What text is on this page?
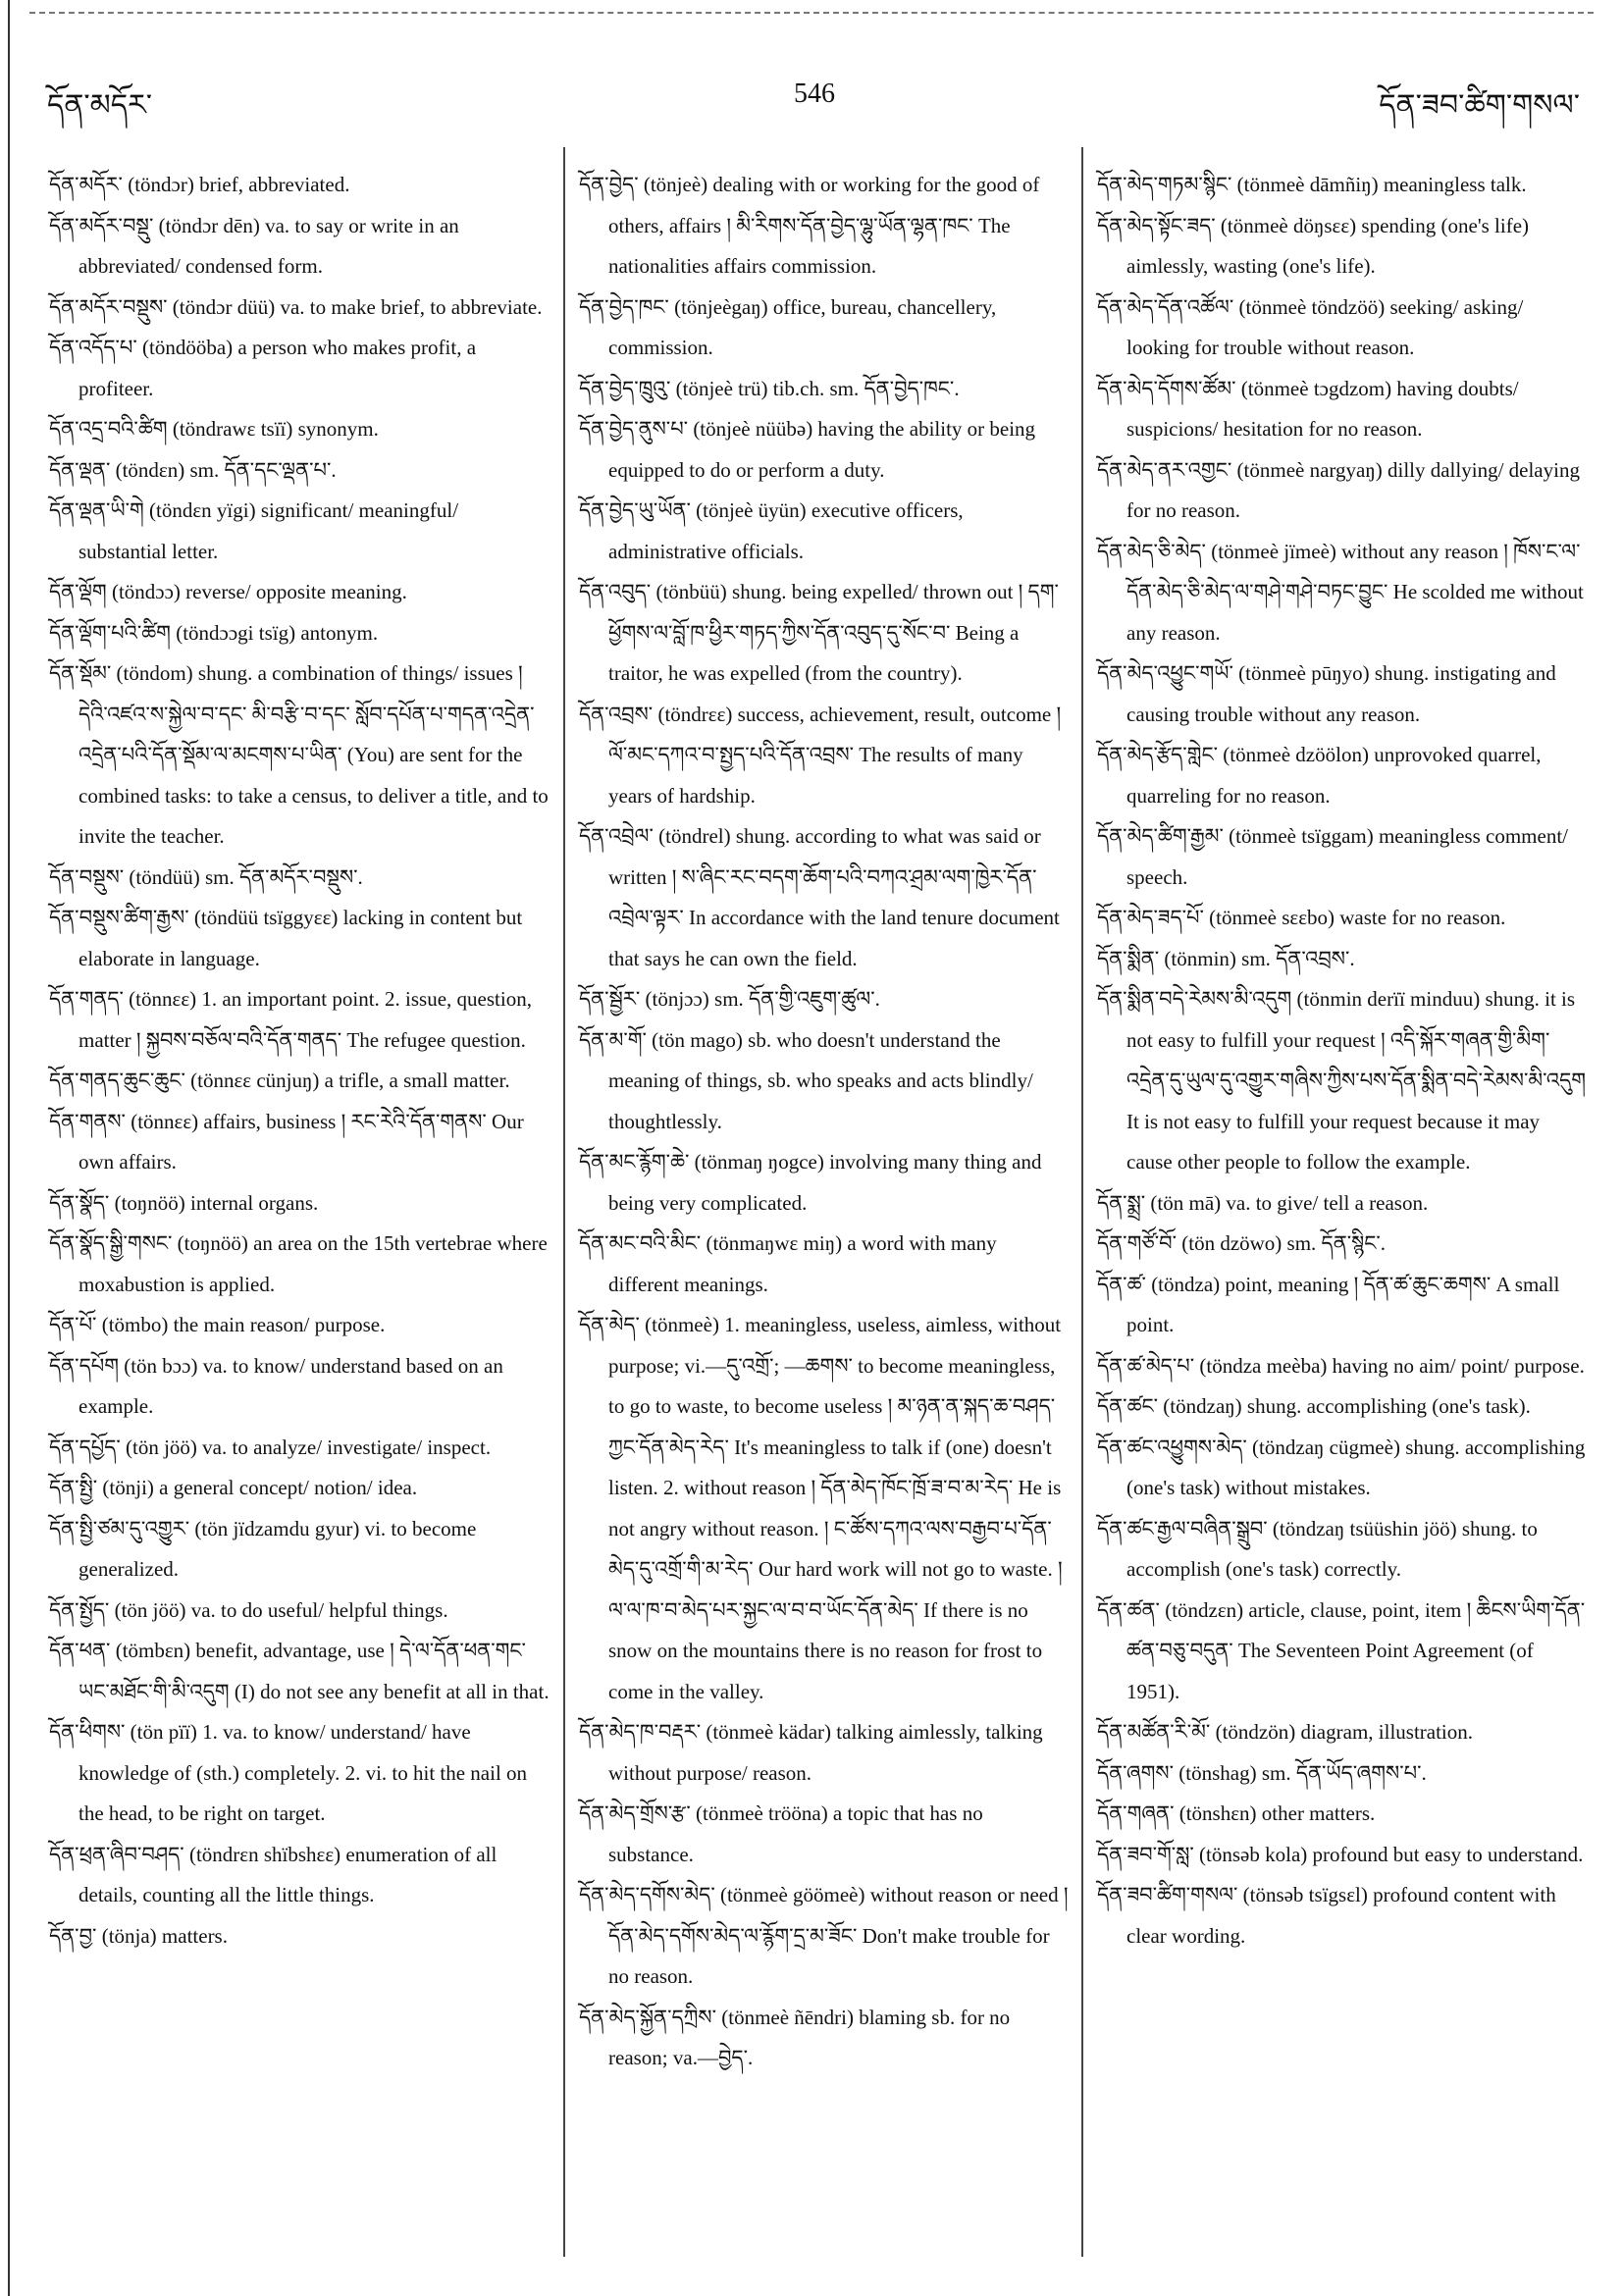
དོན་མདོར་	546	དོན་ཟབ་ཚིག་གསལ་

དོན་མདོར་ (töndɔr) brief, abbreviated.

དོན་མདོར་བསྡུ་ (töndɔr dēn) va. to say or write in an abbreviated/ condensed form.

དོན་མདོར་བསྡུས་ (töndɔr düü) va. to make brief, to abbreviate.

དོན་འདོད་པ་ (töndööba) a person who makes profit, a profiteer.

དོན་འདྲ་བའི་ཚིག (töndrawɛ tsïï) synonym.

དོན་ལྡན་ (töndɛn) sm. དོན་དང་ལྡན་པ་.

དོན་ལྡན་ཡི་གེ (töndɛn yïgi) significant/ meaningful/ substantial letter.

དོན་ལྡོག (töndɔɔ) reverse/ opposite meaning.

དོན་ལྡོག་པའི་ཚིག (töndɔɔgi tsïg) antonym.

དོན་སྡོམ་ (töndom) shung. a combination of things/ issues ། དེའི་འཛའ་ས་སྐྱེལ་བ་དང་ མི་བརྩི་བ་དང་ སློབ་དཔོན་པ་གདན་འདྲེན་འདྲེན་པའི་དོན་སྡོམ་ལ་མངགས་པ་ཡིན་ (You) are sent for the combined tasks: to take a census, to deliver a title, and to invite the teacher.

དོན་བསྡུས་ (töndüü) sm. དོན་མདོར་བསྡུས་.

དོན་བསྡུས་ཚིག་རྒྱས་ (töndüü tsïggyɛɛ) lacking in content but elaborate in language.

དོན་གནད་ (tönnɛɛ) 1. an important point. 2. issue, question, matter ། སྐྱབས་བཅོལ་བའི་དོན་གནད་ The refugee question.

དོན་གནད་ཆུང་ཆུང་ (tönnɛɛ cünjuŋ) a trifle, a small matter.

དོན་གནས་ (tönnɛɛ) affairs, business ། རང་རེའི་དོན་གནས་ Our own affairs.

དོན་སྣོད་ (toŋnöö) internal organs.

དོན་སྣོད་སྒྱི་གསང་ (toŋnöö) an area on the 15th vertebrae where moxabustion is applied.

དོན་པོ་ (tömbo) the main reason/ purpose.

དོན་དཔོག (tön bɔɔ) va. to know/ understand based on an example.

དོན་དཔྱོད་ (tön jöö) va. to analyze/ investigate/ inspect.

དོན་སྤྱི་ (tönji) a general concept/ notion/ idea.

དོན་སྤྱི་ཙམ་དུ་འགྱུར་ (tön jïdzamdu gyur) vi. to become generalized.

དོན་སྤྱོད་ (tön jöö) va. to do useful/ helpful things.

དོན་ཕན་ (tömbɛn) benefit, advantage, use ། དེ་ལ་དོན་ཕན་གང་ཡང་མཐོང་གི་མི་འདུག (I) do not see any benefit at all in that.

དོན་ཕིགས་ (tön pïï) 1. va. to know/ understand/ have knowledge of (sth.) completely. 2. vi. to hit the nail on the head, to be right on target.

དོན་ཕྲན་ཞིབ་བཤད་ (töndrɛn shïbshɛɛ) enumeration of all details, counting all the little things.

དོན་བྱ་ (tönja) matters.

དོན་བྱེད་ (tönjeè) dealing with or working for the good of others, affairs ། མི་རིགས་དོན་བྱེད་ལྷུ་ཡོན་ལྷན་ཁང་ The nationalities affairs commission.

དོན་བྱེད་ཁང་ (tönjeègaŋ) office, bureau, chancellery, commission.

དོན་བྱེད་ཁྲུའུ་ (tönjeè trü) tib.ch. sm. དོན་བྱེད་ཁང་.

དོན་བྱེད་ནུས་པ་ (tönjeè nüübə) having the ability or being equipped to do or perform a duty.

དོན་བྱེད་ཡུ་ཡོན་ (tönjeè üyün) executive officers, administrative officials.

དོན་འབུད་ (tönbüü) shung. being expelled/ thrown out ། དག་ཕྱོགས་ལ་བློ་ཁ་ཕྱིར་གཏད་ཀྱིས་དོན་འབུད་དུ་སོང་བ་ Being a traitor, he was expelled (from the country).

དོན་འབྲས་ (töndrɛɛ) success, achievement, result, outcome ། ལོ་མང་དཀའ་བ་སྤྱད་པའི་དོན་འབྲས་ The results of many years of hardship.

དོན་འབྲེལ་ (töndrel) shung. according to what was said or written ། ས་ཞིང་རང་བདག་ཆོག་པའི་བཀའ་ཤྲམ་ལག་ཁྱེར་དོན་འབྲེལ་ལྟར་ In accordance with the land tenure document that says he can own the field.

དོན་སྦྱོར་ (tönjɔɔ) sm. དོན་གྱི་འཇུག་ཚུལ་.

དོན་མ་གོ་ (tön mago) sb. who doesn't understand the meaning of things, sb. who speaks and acts blindly/ thoughtlessly.

དོན་མང་རྙོག་ཆེ་ (tönmaŋ ŋogce) involving many thing and being very complicated.

དོན་མང་བའི་མིང་ (tönmaŋwɛ miŋ) a word with many different meanings.

དོན་མེད་ (tönmeè) 1. meaningless, useless, aimless, without purpose; vi.—དུ་འགྲོ་; —ཆགས་ to become meaningless, to go to waste, to become useless ། མ་ཉན་ན་སྐད་ཆ་བཤད་ཀྱང་དོན་མེད་རེད་ It's meaningless to talk if (one) doesn't listen. 2. without reason ། དོན་མེད་ཁོང་ཁྲོ་ཟ་བ་མ་རེད་ He is not angry without reason. ། ང་ཚོས་དཀའ་ལས་བརྒྱབ་པ་དོན་མེད་དུ་འགྲོ་གི་མ་རེད་ Our hard work will not go to waste. ། ལ་ལ་ཁ་བ་མེད་པར་སྐྱང་ལ་བ་བ་ཡོང་དོན་མེད་ If there is no snow on the mountains there is no reason for frost to come in the valley.

དོན་མེད་ཁ་བརྡར་ (tönmeè kädar) talking aimlessly, talking without purpose/ reason.

དོན་མེད་གྲོས་རྩ་ (tönmeè trööna) a topic that has no substance.

དོན་མེད་དགོས་མེད་ (tönmeè göömeè) without reason or need ། དོན་མེད་དགོས་མེད་ལ་རྙོག་དྲ་མ་ཟོང་ Don't make trouble for no reason.

དོན་མེད་སྐྱོན་དཀྲིས་ (tönmeè ñēndri) blaming sb. for no reason; va.—བྱེད་.

དོན་མེད་གཏམ་སྙིང་ (tönmeè dāmñiŋ) meaningless talk.

དོན་མེད་སྟོང་ཟད་ (tönmeè döŋsɛɛ) spending (one's life) aimlessly, wasting (one's life).

དོན་མེད་དོན་འཚོལ་ (tönmeè töndzöö) seeking/ asking/ looking for trouble without reason.

དོན་མེད་དོགས་ཚོམ་ (tönmeè tɔgdzom) having doubts/ suspicions/ hesitation for no reason.

དོན་མེད་ནར་འགྱང་ (tönmeè nargyaŋ) dilly dallying/ delaying for no reason.

དོན་མེད་ཅི་མེད་ (tönmeè jïmeè) without any reason ། ཁོས་ང་ལ་དོན་མེད་ཅི་མེད་ལ་གཤེ་གཤེ་བཏང་བྱུང་ He scolded me without any reason.

དོན་མེད་འཕྱུང་གཡོ་ (tönmeè pūŋyo) shung. instigating and causing trouble without any reason.

དོན་མེད་རྩོད་གླེང་ (tönmeè dzöölon) unprovoked quarrel, quarreling for no reason.

དོན་མེད་ཚིག་རྒྱམ་ (tönmeè tsïggam) meaningless comment/ speech.

དོན་མེད་ཟད་པོ་ (tönmeè sɛɛbo) waste for no reason.

དོན་སྨིན་ (tönmin) sm. དོན་འབྲས་.

དོན་སྨིན་བདེ་རེམས་མི་འདུག (tönmin derïï minduu) shung. it is not easy to fulfill your request ། འདི་སྐོར་གཞན་གྱི་མིག་འདྲེན་དུ་ཡུལ་དུ་འགྱུར་གཞིས་ཀྱིས་པས་དོན་སྨིན་བདེ་རེམས་མི་འདུག It is not easy to fulfill your request because it may cause other people to follow the example.

དོན་སྨྲ་ (tön mā) va. to give/ tell a reason.

དོན་གཙོ་བོ་ (tön dzöwo) sm. དོན་སྙིང་.

དོན་ཚ་ (töndza) point, meaning ། དོན་ཚ་ཆུང་ཆགས་ A small point.

དོན་ཚ་མེད་པ་ (töndza meèba) having no aim/ point/ purpose.

དོན་ཚང་ (töndzaŋ) shung. accomplishing (one's task).

དོན་ཚང་འཕྱུགས་མེད་ (töndzaŋ cügmeè) shung. accomplishing (one's task) without mistakes.

དོན་ཚང་རྒྱལ་བཞིན་སྒྲུབ་ (töndzaŋ tsüüshin jöö) shung. to accomplish (one's task) correctly.

དོན་ཚན་ (töndzɛn) article, clause, point, item ། ཆིངས་ཡིག་དོན་ཚན་བཅུ་བདུན་ The Seventeen Point Agreement (of 1951).

དོན་མཚོན་རི་མོ་ (töndzön) diagram, illustration.

དོན་ཞགས་ (tönshag) sm. དོན་ཡོད་ཞགས་པ་.

དོན་གཞན་ (tönshɛn) other matters.

དོན་ཟབ་གོ་སླ་ (tönsəb kola) profound but easy to understand.

དོན་ཟབ་ཚིག་གསལ་ (tönsəb tsïgsɛl) profound content with clear wording.
